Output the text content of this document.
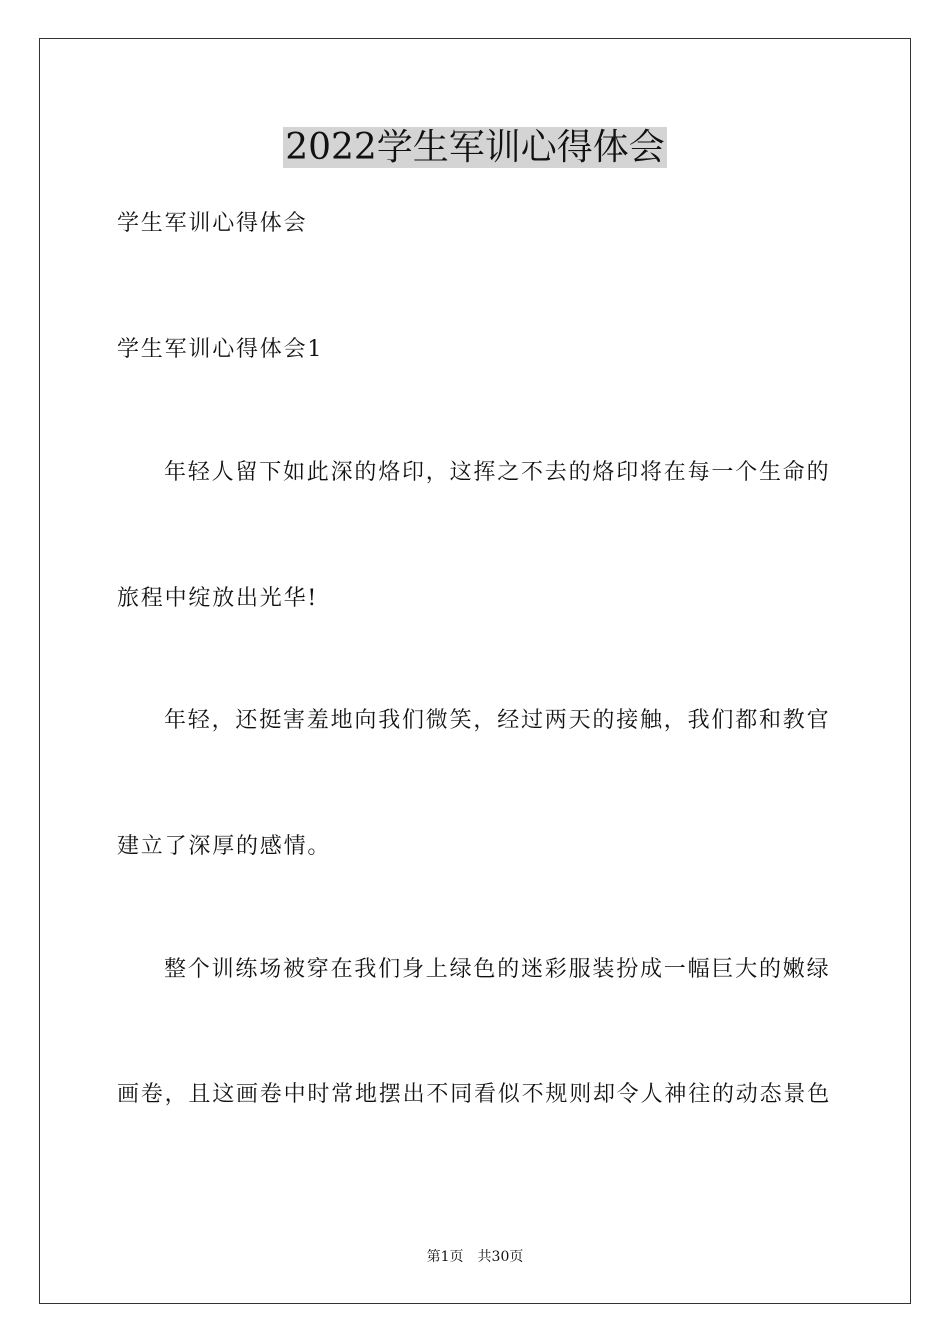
2022学生军训心得体会

学生军训心得体会

学生军训心得体会1

年轻人留下如此深的烙印，这挥之不去的烙印将在每一个生命的

旅程中绽放出光华!

年轻，还挺害羞地向我们微笑，经过两天的接触，我们都和教官

建立了深厚的感情。

整个训练场被穿在我们身上绿色的迷彩服装扮成一幅巨大的嫩绿

画卷，且这画卷中时常地摆出不同看似不规则却令人神往的动态景色

第1页 共30页
